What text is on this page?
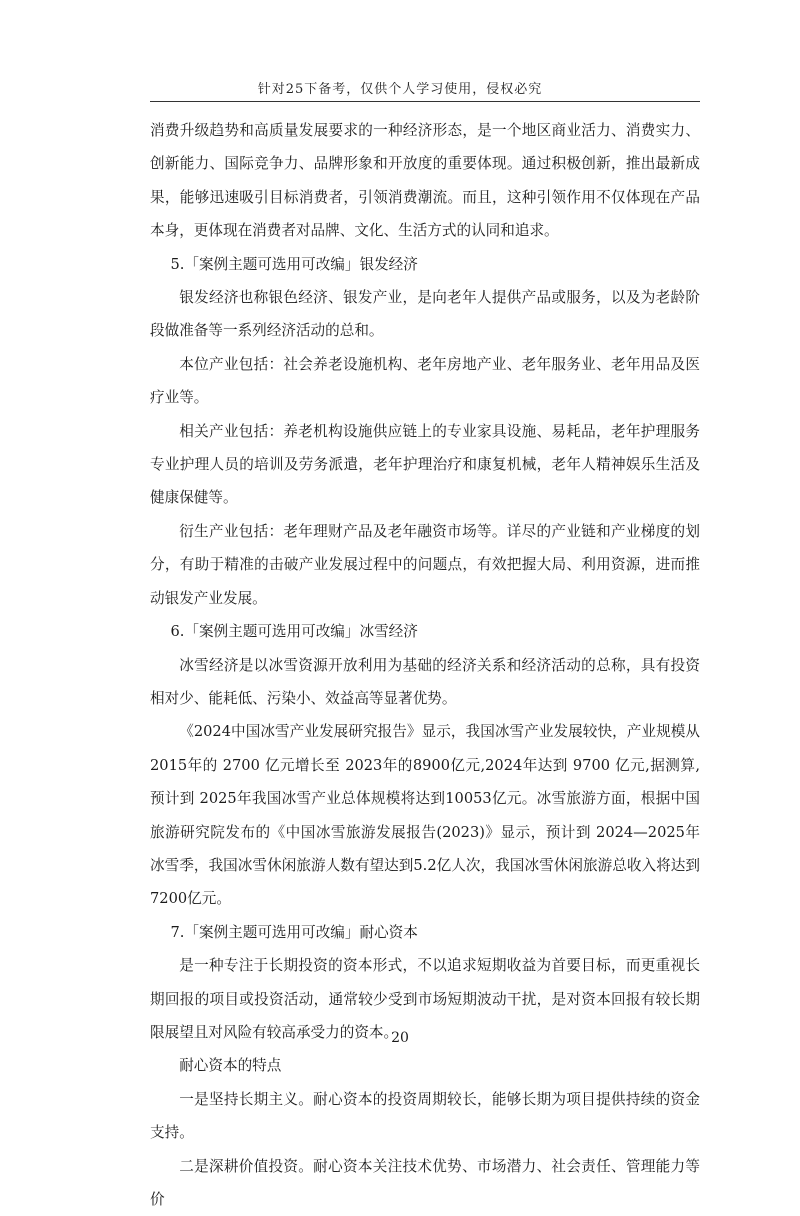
针对25下备考，仅供个人学习使用，侵权必究

消费升级趋势和高质量发展要求的一种经济形态，是一个地区商业活力、消费实力、创新能力、国际竞争力、品牌形象和开放度的重要体现。通过积极创新，推出最新成果，能够迅速吸引目标消费者，引领消费潮流。而且，这种引领作用不仅体现在产品本身，更体现在消费者对品牌、文化、生活方式的认同和追求。

5.「案例主题可选用可改编」银发经济

银发经济也称银色经济、银发产业，是向老年人提供产品或服务，以及为老龄阶段做准备等一系列经济活动的总和。

本位产业包括：社会养老设施机构、老年房地产业、老年服务业、老年用品及医疗业等。

相关产业包括：养老机构设施供应链上的专业家具设施、易耗品，老年护理服务专业护理人员的培训及劳务派遣，老年护理治疗和康复机械，老年人精神娱乐生活及健康保健等。

衍生产业包括：老年理财产品及老年融资市场等。详尽的产业链和产业梯度的划分，有助于精准的击破产业发展过程中的问题点，有效把握大局、利用资源，进而推动银发产业发展。

6.「案例主题可选用可改编」冰雪经济

冰雪经济是以冰雪资源开放利用为基础的经济关系和经济活动的总称，具有投资相对少、能耗低、污染小、效益高等显著优势。

《2024中国冰雪产业发展研究报告》显示，我国冰雪产业发展较快，产业规模从2015年的 2700 亿元增长至 2023年的8900亿元,2024年达到 9700 亿元,据测算,预计到 2025年我国冰雪产业总体规模将达到10053亿元。冰雪旅游方面，根据中国旅游研究院发布的《中国冰雪旅游发展报告(2023)》显示，预计到 2024—2025年冰雪季，我国冰雪休闲旅游人数有望达到5.2亿人次，我国冰雪休闲旅游总收入将达到7200亿元。

7.「案例主题可选用可改编」耐心资本

是一种专注于长期投资的资本形式，不以追求短期收益为首要目标，而更重视长期回报的项目或投资活动，通常较少受到市场短期波动干扰，是对资本回报有较长期限展望且对风险有较高承受力的资本。

耐心资本的特点

一是坚持长期主义。耐心资本的投资周期较长，能够长期为项目提供持续的资金支持。

二是深耕价值投资。耐心资本关注技术优势、市场潜力、社会责任、管理能力等价

20
